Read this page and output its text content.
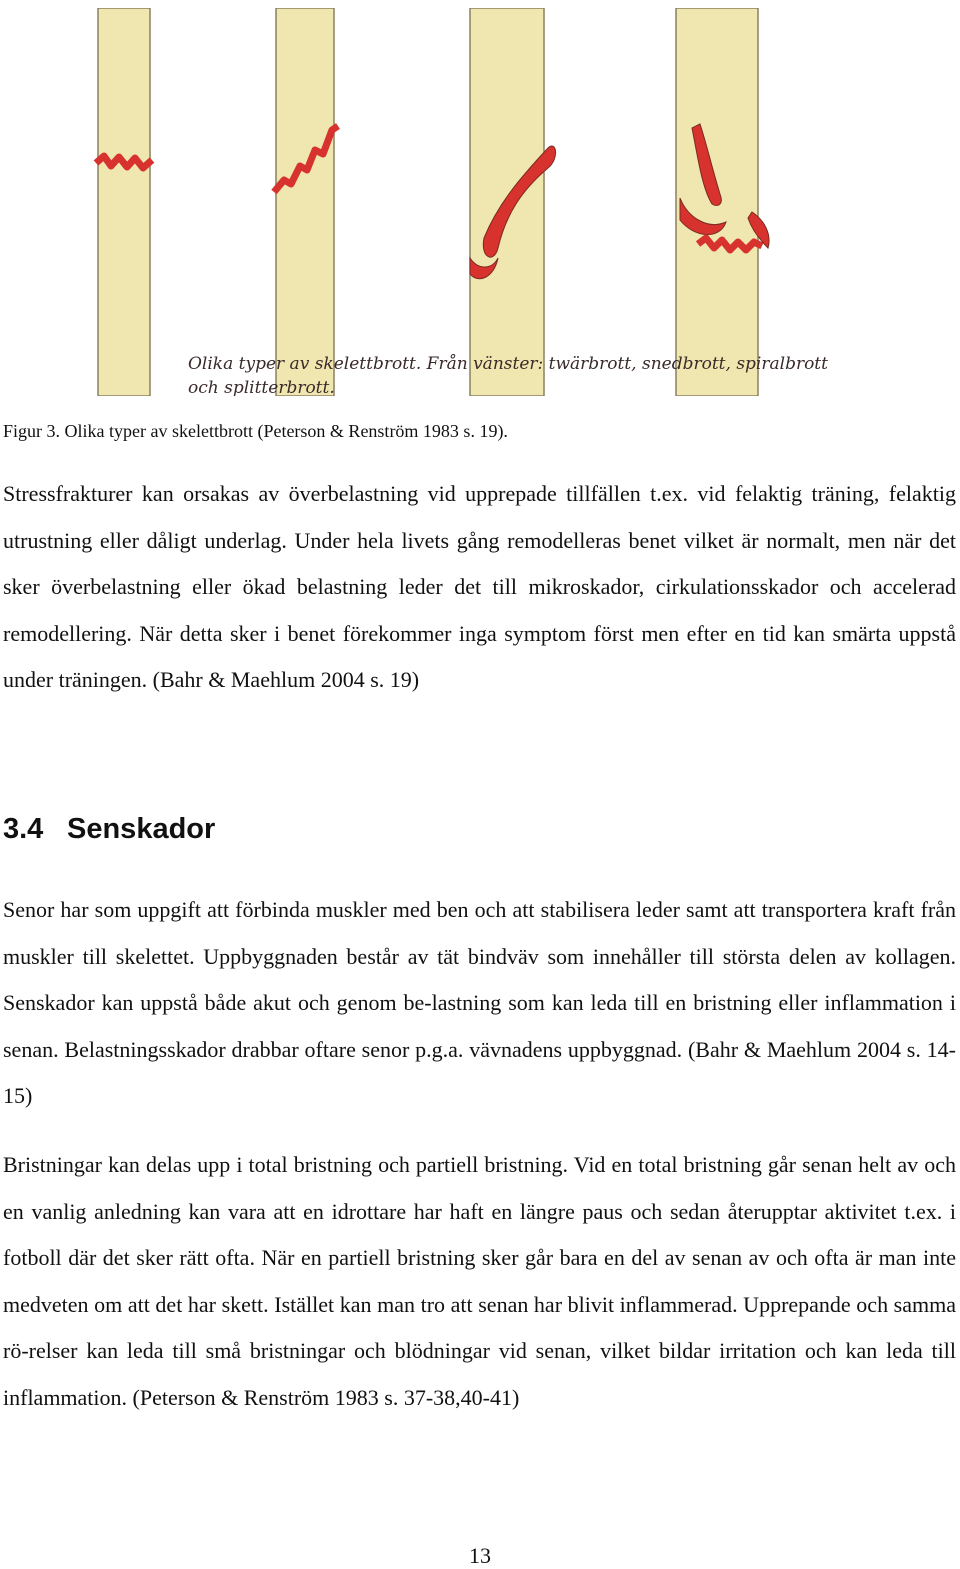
Olika typer av skelettbrott. Från vänster: twärbrott, snedbrott, spiralbrott och splitterbrott.
Figur 3. Olika typer av skelettbrott (Peterson & Renström 1983 s. 19).

Stressfrakturer kan orsakas av överbelastning vid upprepade tillfällen t.ex. vid felaktig träning, felaktig utrustning eller dåligt underlag. Under hela livets gång remodelleras benet vilket är normalt, men när det sker överbelastning eller ökad belastning leder det till mikroskador, cirkulationsskador och accelerad remodellering. När detta sker i benet förekommer inga symptom först men efter en tid kan smärta uppstå under träningen. (Bahr & Maehlum 2004 s. 19)

3.4 Senskador

Senor har som uppgift att förbinda muskler med ben och att stabilisera leder samt att transportera kraft från muskler till skelettet. Uppbyggnaden består av tät bindväv som innehåller till största delen av kollagen. Senskador kan uppstå både akut och genom be-lastning som kan leda till en bristning eller inflammation i senan. Belastningsskador drabbar oftare senor p.g.a. vävnadens uppbyggnad. (Bahr & Maehlum 2004 s. 14-15)

Bristningar kan delas upp i total bristning och partiell bristning. Vid en total bristning går senan helt av och en vanlig anledning kan vara att en idrottare har haft en längre paus och sedan återupptar aktivitet t.ex. i fotboll där det sker rätt ofta. När en partiell bristning sker går bara en del av senan av och ofta är man inte medveten om att det har skett. Istället kan man tro att senan har blivit inflammerad. Upprepande och samma rö-relser kan leda till små bristningar och blödningar vid senan, vilket bildar irritation och kan leda till inflammation. (Peterson & Renström 1983 s. 37-38,40-41)

13
